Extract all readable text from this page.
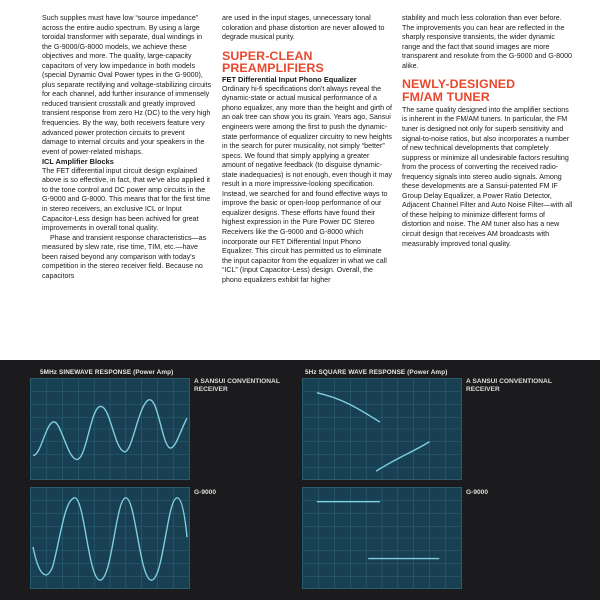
Such supplies must have low “source impedance” across the entire audio spectrum. By using a large toroidal transformer with separate, dual windings in the G-9000/G-8000 models, we achieve these objectives and more. The quality, large-capacity capacitors of very low impedance in both models (special Dynamic Oval Power types in the G-9000), plus separate rectifying and voltage-stabilizing circuits for each channel, add further insurance of immensely reduced transient crosstalk and greatly improved transient response from zero Hz (DC) to the very high frequencies. By the way, both receivers feature very advanced power protection circuits to prevent damage to internal circuits and your speakers in the event of power-related mishaps.

ICL Amplifier Blocks

The FET differential input circuit design explained above is so effective, in fact, that we've also applied it to the tone control and DC power amp circuits in the G-9000 and G-8000. This means that for the first time in stereo receivers, an exclusive ICL or Input Capacitor-Less design has been achived for great improvements in overall tonal quality.

Phase and transient response characteristics—as measured by slew rate, rise time, TIM, etc.—have been raised beyond any comparison with today's competition in the stereo receiver field. Because no capacitors

are used in the input stages, unnecessary tonal coloration and phase distortion are never allowed to degrade musical purity.

SUPER-CLEAN
PREAMPLIFIERS

FET Differential Input Phono Equalizer

Ordinary hi-fi specifications don't always reveal the dynamic-state or actual musical performance of a phono equalizer, any more than the height and girth of an oak tree can show you its grain. Years ago, Sansui engineers were among the first to push the dynamic-state performance of equalizer circuitry to new heights in the search for purer musicality, not simply “better” specs. We found that simply applying a greater amount of negative feedback (to disguise dynamic-state inadequacies) is not enough, even though it may result in a more impressive-looking specification. Instead, we searched for and found effective ways to improve the basic or open-loop performance of our equalizer designs. These efforts have found their highest expression in the Pure Power DC Stereo Receivers like the G-9000 and G-8000 which incorporate our FET Differential Input Phono Equalizer. This circuit has permitted us to eliminate the input capacitor from the equalizer in what we call “ICL” (Input Capacitor-Less) design. Overall, the phono equalizers exhibit far higher

stability and much less coloration than ever before. The improvements you can hear are reflected in the sharply responsive transients, the wider dynamic range and the fact that sound images are more transparent and resolute from the G-9000 and G-8000 alike.

NEWLY-DESIGNED
FM/AM TUNER

The same quality designed into the amplifier sections is inherent in the FM/AM tuners. In particular, the FM tuner is designed not only for superb sensitivity and signal-to-noise ratios, but also incorporates a number of new technical developments that completely suppress or minimize all undesirable factors resulting from the process of converting the received radio-frequency signals into stereo audio signals. Among these developments are a Sansui-patented FM IF Group Delay Equalizer, a Power Ratio Detector, Adjacent Channel Filter and Auto Noise Filter—with all of these helping to minimize different forms of distortion and noise. The AM tuner also has a new circuit design that receives AM broadcasts with measurably improved tonal quality.

5MHz SINEWAVE RESPONSE (Power Amp)	5Hz SQUARE WAVE RESPONSE (Power Amp)
A SANSUI CONVENTIONAL
RECEIVER
G-9000
A SANSUI CONVENTIONAL
RECEIVER
G-9000
